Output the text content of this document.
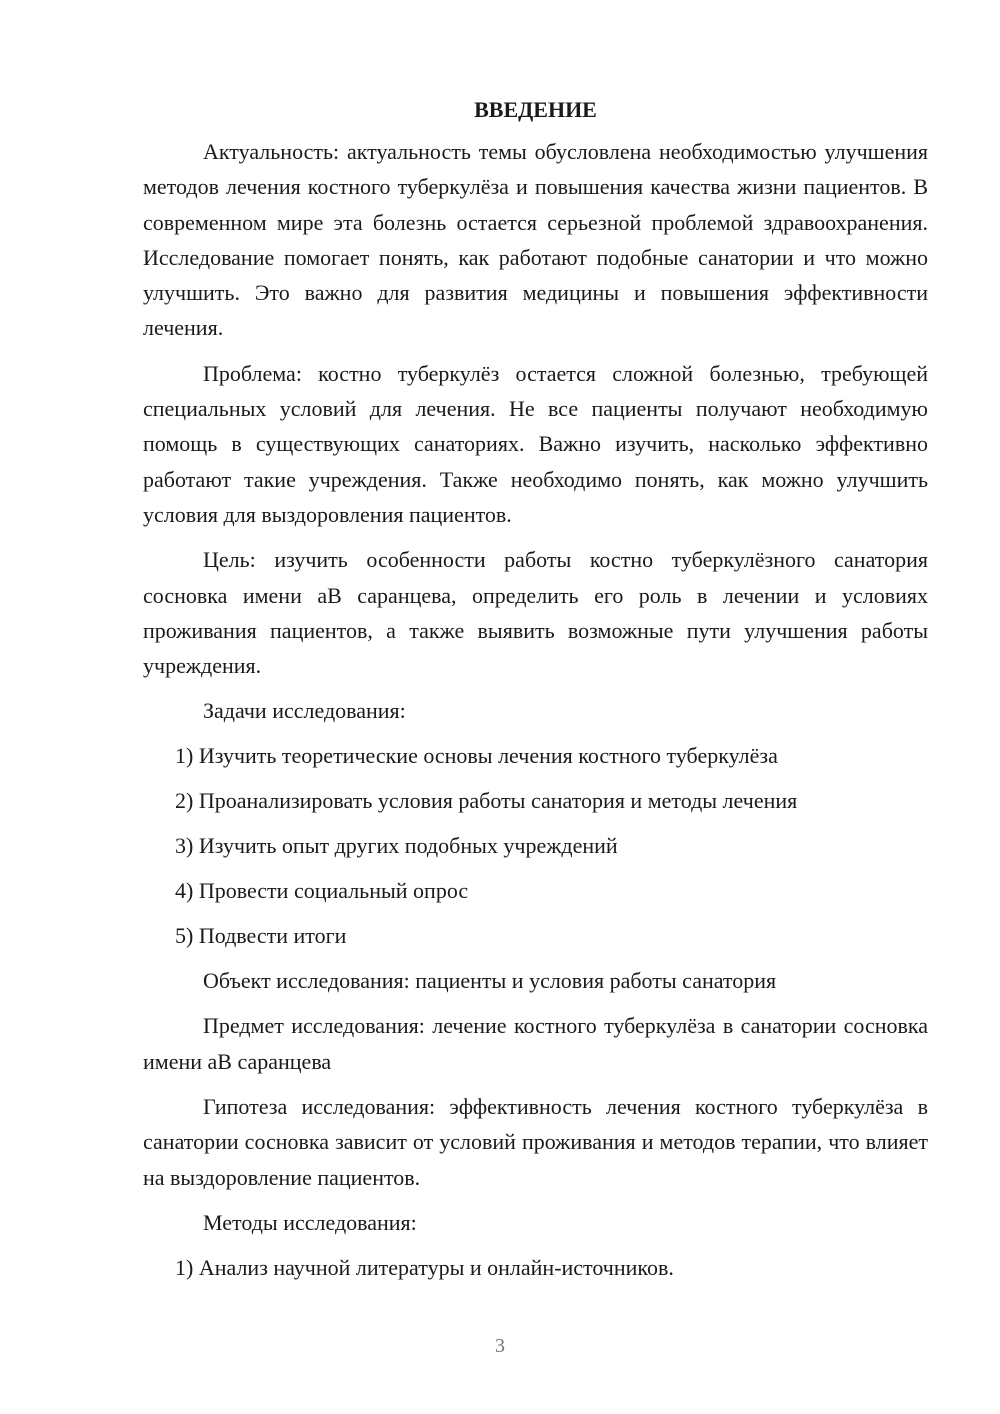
ВВЕДЕНИЕ

Актуальность: актуальность темы обусловлена необходимостью улучшения методов лечения костного туберкулёза и повышения качества жизни пациентов. В современном мире эта болезнь остается серьезной проблемой здравоохранения. Исследование помогает понять, как работают подобные санатории и что можно улучшить. Это важно для развития медицины и повышения эффективности лечения.

Проблема: костно туберкулёз остается сложной болезнью, требующей специальных условий для лечения. Не все пациенты получают необходимую помощь в существующих санаториях. Важно изучить, насколько эффективно работают такие учреждения. Также необходимо понять, как можно улучшить условия для выздоровления пациентов.

Цель: изучить особенности работы костно туберкулёзного санатория сосновка имени аВ саранцева, определить его роль в лечении и условиях проживания пациентов, а также выявить возможные пути улучшения работы учреждения.

Задачи исследования:
1) Изучить теоретические основы лечения костного туберкулёза
2) Проанализировать условия работы санатория и методы лечения
3) Изучить опыт других подобных учреждений
4) Провести социальный опрос
5) Подвести итоги
Объект исследования: пациенты и условия работы санатория

Предмет исследования: лечение костного туберкулёза в санатории сосновка имени аВ саранцева

Гипотеза исследования: эффективность лечения костного туберкулёза в санатории сосновка зависит от условий проживания и методов терапии, что влияет на выздоровление пациентов.

Методы исследования:
1) Анализ научной литературы и онлайн-источников.
3
